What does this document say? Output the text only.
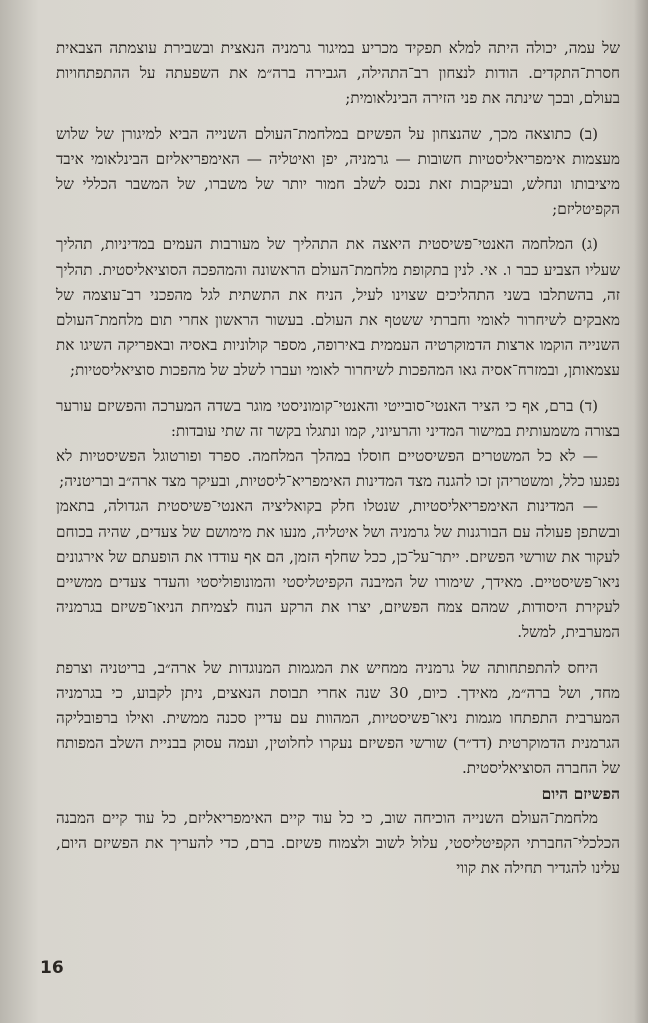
של עמה, יכולה היתה למלא תפקיד מכריע במיגור גרמניה הנאצית ובשבירת עוצמתה הצבאית חסרת־התקדים. הודות לנצחון רב־התהילה, הגבירה ברה״מ את השפעתה על ההתפתחויות בעולם, ובכך שינתה את פני הזירה הבינלאומית;

(ב) כתוצאה מכך, שהנצחון על הפשיזם במלחמת־העולם השנייה הביא למיגורן של שלוש מעצמות אימפריאליסטיות חשובות — גרמניה, יפן ואיטליה — האימפריאליזם הבינלאומי איבד מיציבותו ונחלש, ובעיקבות זאת נכנס לשלב חמור יותר של משברו, של המשבר הכללי של הקפיטליזם;

(ג) המלחמה האנטי־פשיסטית היאצה את התהליך של מעורבות העמים במדיניות, תהליך שעליו הצביע כבר ו. אי. לנין בתקופת מלחמת־העולם הראשונה והמהפכה הסוציאליסטית. תהליך זה, בהשתלבו בשני התהליכים שצוינו לעיל, הניח את התשתית לגל מהפכני רב־עוצמה של מאבקים לשיחרור לאומי וחברתי ששטף את העולם. בעשור הראשון אחרי תום מלחמת־העולם השנייה הוקמו ארצות הדמוקרטיה העממית באירופה, מספר קולוניות באסיה ובאפריקה השיגו את עצמאותן, ובמזרח־אסיה גאו המהפכות לשיחרור לאומי ועברו לשלב של מהפכות סוציאליסטיות;

(ד) ברם, אף כי הציר האנטי־סובייטי והאנטי־קומוניסטי מוגר בשדה המערכה והפשיזם עורער בצורה משמעותית במישור המדיני והרעיוני, קמו ונתגלו בקשר זה שתי עובדות:

— לא כל המשטרים הפשיסטיים חוסלו במהלך המלחמה. ספרד ופורטוגל הפשיסטיות לא נפגעו כלל, ומשטריהן זכו להגנה מצד המדינות האימפריא־ליסטיות, ובעיקר מצד ארה״ב ובריטניה;

— המדינות האימפריאליסטיות, שנטלו חלק בקואליציה האנטי־פשיסטית הגדולה, בתאמן ובשתפן פעולה עם הבורגנות של גרמניה ושל איטליה, מנעו את מימושם של צעדים, שהיה בכוחם לעקור את שורשי הפשיזם. ייתר־על־כן, ככל שחלף הזמן, הם אף עודדו את הופעתם של אירגונים ניאו־פשיסטיים. מאידך, שימורו של המיבנה הקפיטליסטי והמונופוליסטי והעדר צעדים ממשיים לעקירת היסודות, שמהם צמח הפשיזם, יצרו את הרקע הנוח לצמיחת הניאו־פשיזם בגרמניה המערבית, למשל.

היחס להתפתחותה של גרמניה ממחיש את המגמות המנוגדות של ארה״ב, בריטניה וצרפת מחד, ושל ברה״מ, מאידך. כיום, 30 שנה אחרי תבוסת הנאצים, ניתן לקבוע, כי בגרמניה המערבית התפתחו מגמות ניאו־פשיסטיות, המהוות עם עדיין סכנה ממשית. ואילו ברפובליקה הגרמנית הדמוקרטית (דד״ר) שורשי הפשיזם נעקרו לחלוטין, ועמה עסוק בבניית השלב המפותח של החברה הסוציאליסטית.

הפשיזם היום

מלחמת־העולם השנייה הוכיחה שוב, כי כל עוד קיים האימפריאליזם, כל עוד קיים המבנה הכלכלי־החברתי הקפיטליסטי, עלול לשוב ולצמוח פשיזם. ברם, כדי להעריך את הפשיזם היום, עלינו להגדיר תחילה את קווי

16
